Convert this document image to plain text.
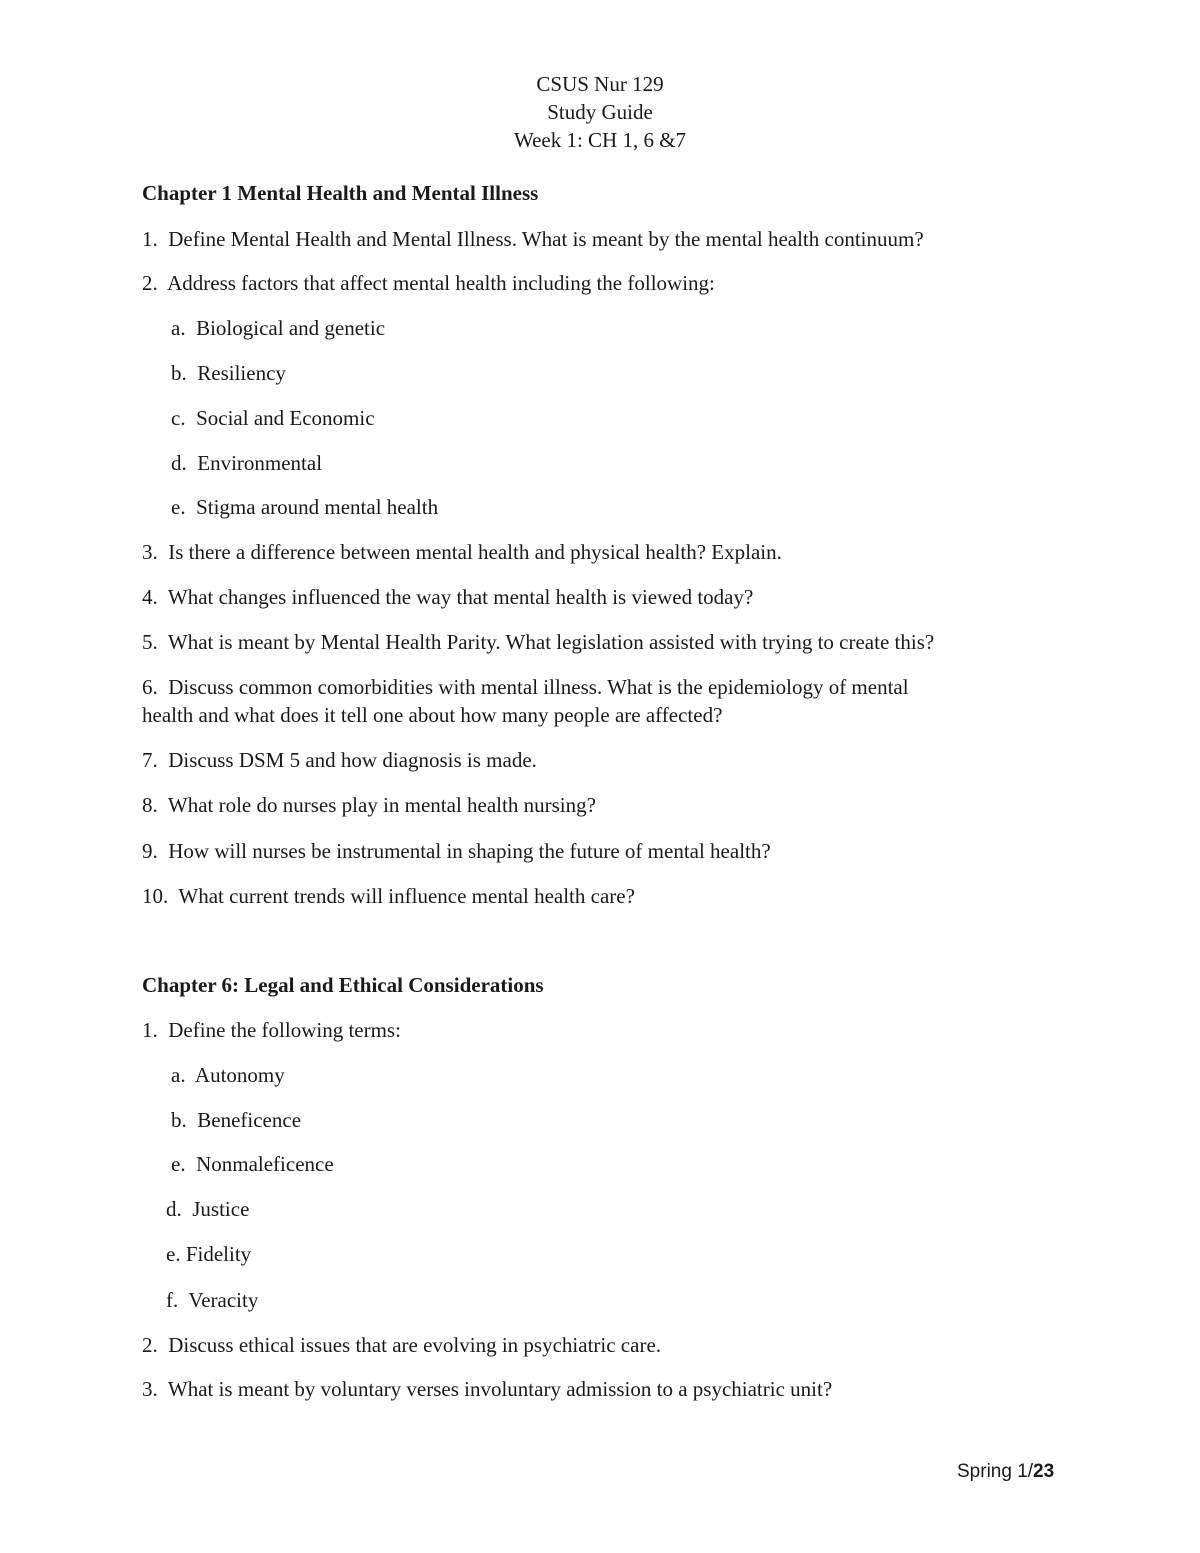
CSUS Nur 129
Study Guide
Week 1: CH 1, 6 &7
Chapter 1 Mental Health and Mental Illness
1. Define Mental Health and Mental Illness. What is meant by the mental health continuum?
2. Address factors that affect mental health including the following:
a. Biological and genetic
b. Resiliency
c. Social and Economic
d. Environmental
e. Stigma around mental health
3. Is there a difference between mental health and physical health? Explain.
4. What changes influenced the way that mental health is viewed today?
5. What is meant by Mental Health Parity. What legislation assisted with trying to create this?
6. Discuss common comorbidities with mental illness. What is the epidemiology of mental
health and what does it tell one about how many people are affected?
7. Discuss DSM 5 and how diagnosis is made.
8. What role do nurses play in mental health nursing?
9. How will nurses be instrumental in shaping the future of mental health?
10. What current trends will influence mental health care?
Chapter 6: Legal and Ethical Considerations
1. Define the following terms:
a. Autonomy
b. Beneficence
e. Nonmaleficence
d. Justice
e. Fidelity
f. Veracity
2. Discuss ethical issues that are evolving in psychiatric care.
3. What is meant by voluntary verses involuntary admission to a psychiatric unit?
Spring 1/23
